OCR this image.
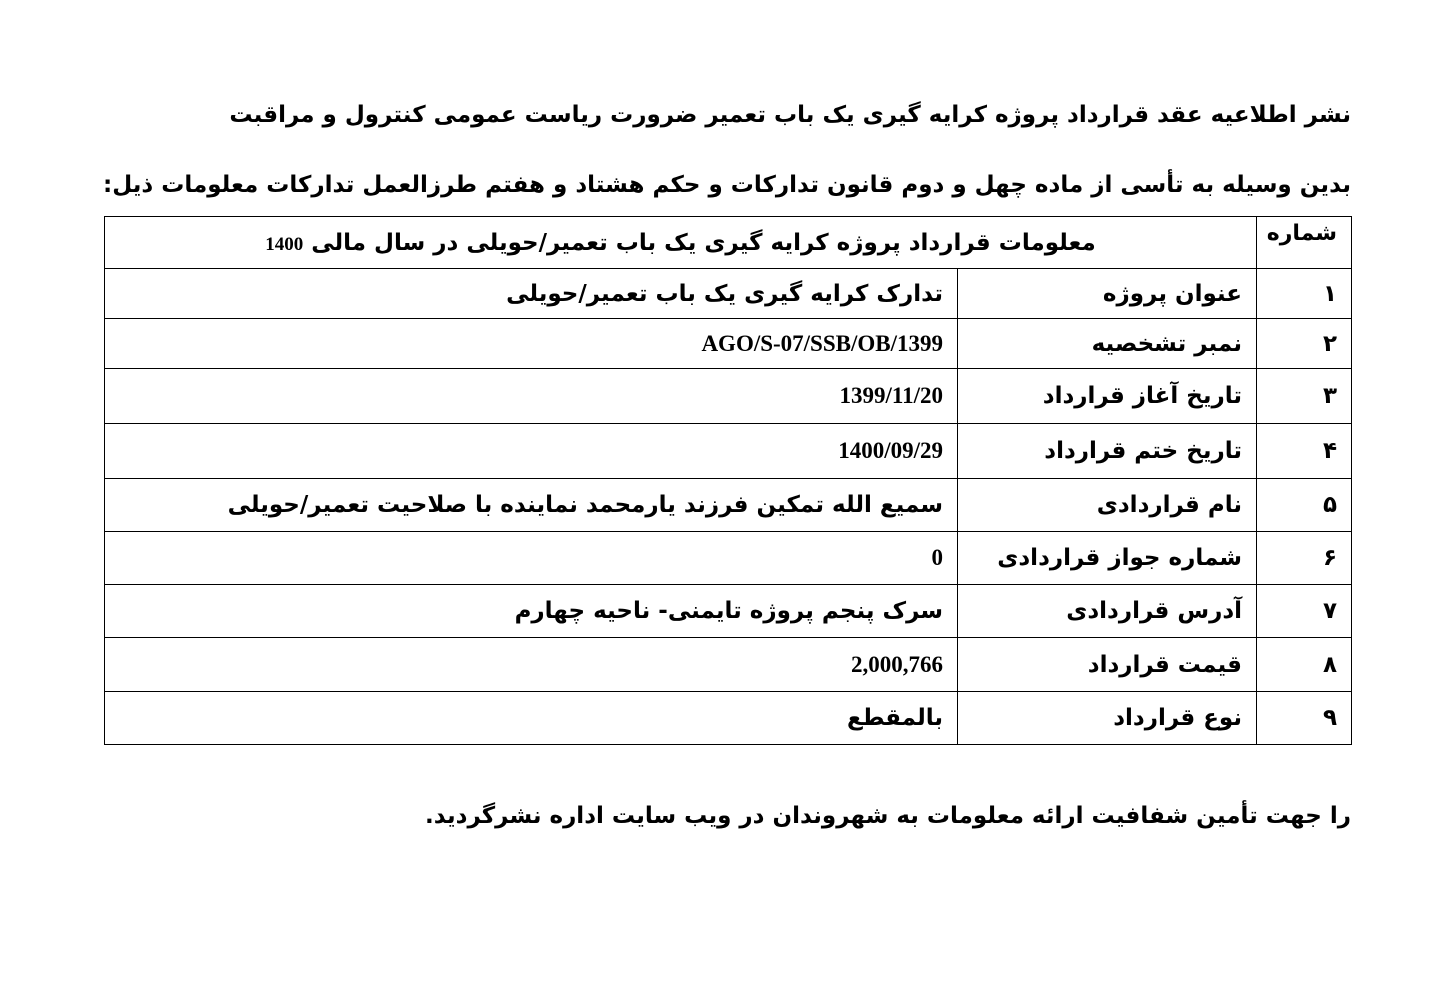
نشر اطلاعیه عقد قرارداد پروژه کرایه گیری یک باب تعمیر ضرورت ریاست عمومی کنترول و مراقبت
بدین وسیله به تأسی از ماده چهل و دوم قانون تدارکات و حکم هشتاد و هفتم طرزالعمل تدارکات معلومات ذیل:
شماره	معلومات قرارداد پروژه کرایه گیری یک باب تعمیر/حویلی در سال مالی 1400	
۱	عنوان پروژه	تدارک کرایه گیری یک باب تعمیر/حویلی
۲	نمبر تشخصیه	AGO/S-07/SSB/OB/1399
۳	تاریخ آغاز قرارداد	1399/11/20
۴	تاریخ ختم قرارداد	1400/09/29
۵	نام قراردادی	سمیع الله تمکین فرزند یارمحمد نماینده با صلاحیت تعمیر/حویلی
۶	شماره جواز قراردادی	0
۷	آدرس قراردادی	سرک پنجم پروژه تایمنی- ناحیه چهارم
۸	قیمت قرارداد	2,000,766
۹	نوع قرارداد	بالمقطع
را جهت تأمین شفافیت ارائه معلومات به شهروندان در ویب سایت اداره نشرگردید.
